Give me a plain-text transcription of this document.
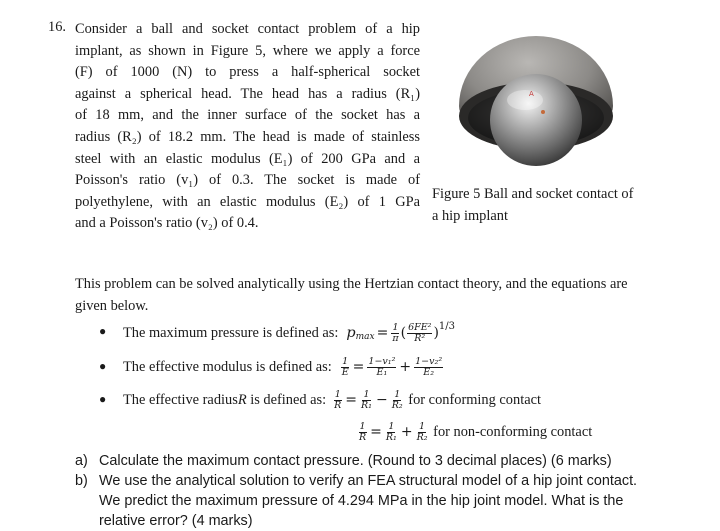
16. Consider a ball and socket contact problem of a hip
implant, as shown in Figure 5, where we apply a force
(F) of 1000 (N) to press a half-spherical socket
against a spherical head. The head has a radius (R₁)
of 18 mm, and the inner surface of the socket has a
radius (R₂) of 18.2 mm. The head is made of stainless
steel with an elastic modulus (E₁) of 200 GPa and a
Poisson's ratio (v₁) of 0.3. The socket is made of
polyethylene, with an elastic modulus (E₂) of 1 GPa
and a Poisson's ratio (v₂) of 0.4.
A
Figure 5 Ball and socket contact of
a hip implant
This problem can be solved analytically using the Hertzian contact theory, and the equations are given below.
● The maximum pressure is defined as: p $\max = \frac{1}{\pi}$ ( $\frac{\text{6FE²}}{\text{R²}}$ ) 1/3
● The effective modulus is defined as: $\frac{1}{E} = \frac{\text{1−v₁²}}{\text{E₁}} + \frac{\text{1−v₂²}}{\text{E₂}}$
● The effective radius R is defined as: $\frac{1}{R} = \frac{1}{\text{R₁}} - \frac{1}{\text{R₂}}$ for conforming contact
$\frac{1}{R} = \frac{1}{\text{R₁}} + \frac{1}{\text{R₂}}$ for non-conforming contact
a) Calculate the maximum contact pressure. (Round to 3 decimal places) (6 marks)
b) We use the analytical solution to verify an FEA structural model of a hip joint contact.
We predict the maximum pressure of 4.294 MPa in the hip joint model. What is the
relative error? (4 marks)
